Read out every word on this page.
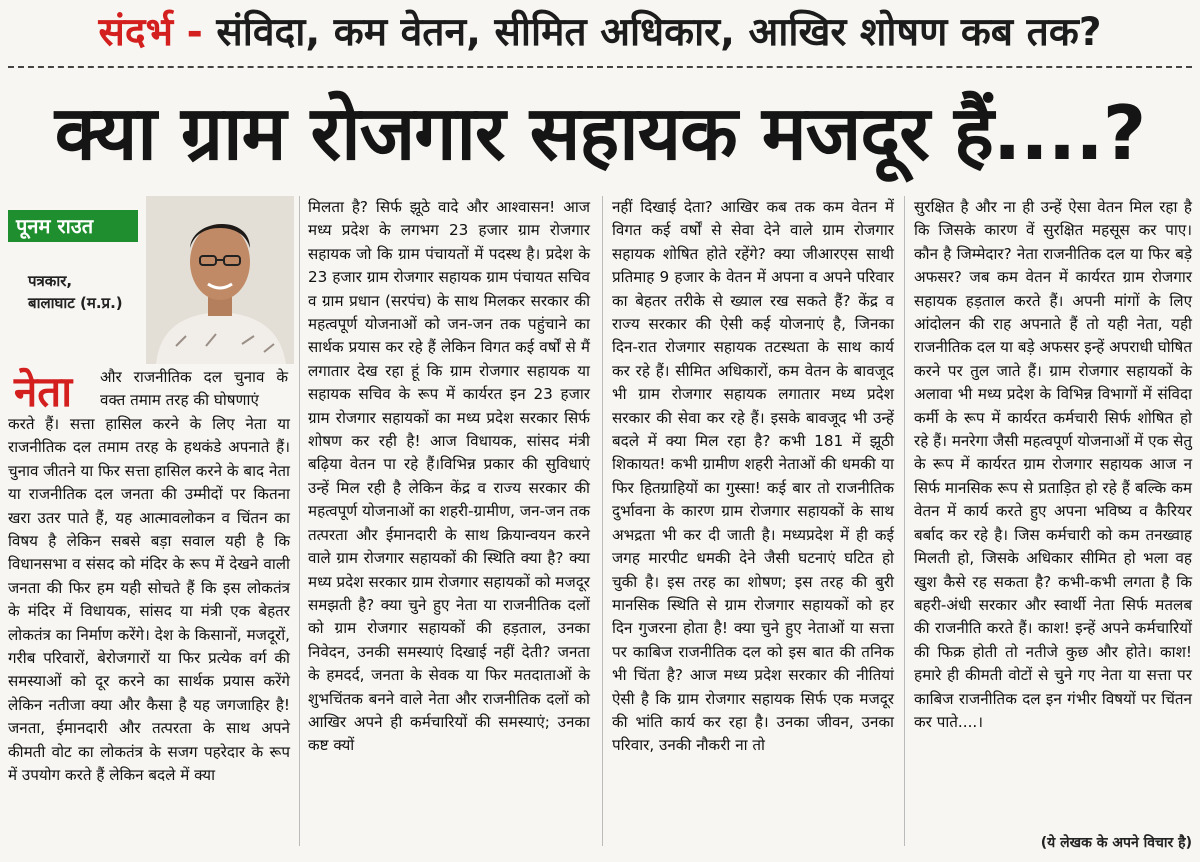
संदर्भ - संविदा, कम वेतन, सीमित अधिकार, आखिर शोषण कब तक?
क्या ग्राम रोजगार सहायक मजदूर हैं....?
पूनम राउत
पत्रकार,
बालाघाट (म.प्र.)
नेता और राजनीतिक दल चुनाव के वक्त तमाम तरह की घोषणाएं

करते हैं। सत्ता हासिल करने के लिए नेता या राजनीतिक दल तमाम तरह के हथकंडे अपनाते हैं। चुनाव जीतने या फिर सत्ता हासिल करने के बाद नेता या राजनीतिक दल जनता की उम्मीदों पर कितना खरा उतर पाते हैं, यह आत्मावलोकन व चिंतन का विषय है लेकिन सबसे बड़ा सवाल यही है कि विधानसभा व संसद को मंदिर के रूप में देखने वाली जनता की फिर हम यही सोचते हैं कि इस लोकतंत्र के मंदिर में विधायक, सांसद या मंत्री एक बेहतर लोकतंत्र का निर्माण करेंगे। देश के किसानों, मजदूरों, गरीब परिवारों, बेरोजगारों या फिर प्रत्येक वर्ग की समस्याओं को दूर करने का सार्थक प्रयास करेंगे लेकिन नतीजा क्या और कैसा है यह जगजाहिर है! जनता, ईमानदारी और तत्परता के साथ अपने कीमती वोट का लोकतंत्र के सजग पहरेदार के रूप में उपयोग करते हैं लेकिन बदले में क्या

मिलता है? सिर्फ झूठे वादे और आश्वासन! आज मध्य प्रदेश के लगभग 23 हजार ग्राम रोजगार सहायक जो कि ग्राम पंचायतों में पदस्थ है। प्रदेश के 23 हजार ग्राम रोजगार सहायक ग्राम पंचायत सचिव व ग्राम प्रधान (सरपंच) के साथ मिलकर सरकार की महत्वपूर्ण योजनाओं को जन-जन तक पहुंचाने का सार्थक प्रयास कर रहे हैं लेकिन विगत कई वर्षों से मैं लगातार देख रहा हूं कि ग्राम रोजगार सहायक या सहायक सचिव के रूप में कार्यरत इन 23 हजार ग्राम रोजगार सहायकों का मध्य प्रदेश सरकार सिर्फ शोषण कर रही है! आज विधायक, सांसद मंत्री बढ़िया वेतन पा रहे हैं।विभिन्न प्रकार की सुविधाएं उन्हें मिल रही है लेकिन केंद्र व राज्य सरकार की महत्वपूर्ण योजनाओं का शहरी-ग्रामीण, जन-जन तक तत्परता और ईमानदारी के साथ क्रियान्वयन करने वाले ग्राम रोजगार सहायकों की स्थिति क्या है? क्या मध्य प्रदेश सरकार ग्राम रोजगार सहायकों को मजदूर समझती है? क्या चुने हुए नेता या राजनीतिक दलों को ग्राम रोजगार सहायकों की हड़ताल, उनका निवेदन, उनकी समस्याएं दिखाई नहीं देती? जनता के हमदर्द, जनता के सेवक या फिर मतदाताओं के शुभचिंतक बनने वाले नेता और राजनीतिक दलों को आखिर अपने ही कर्मचारियों की समस्याएं; उनका कष्ट क्यों

नहीं दिखाई देता? आखिर कब तक कम वेतन में विगत कई वर्षों से सेवा देने वाले ग्राम रोजगार सहायक शोषित होते रहेंगे? क्या जीआरएस साथी प्रतिमाह 9 हजार के वेतन में अपना व अपने परिवार का बेहतर तरीके से ख्याल रख सकते हैं? केंद्र व राज्य सरकार की ऐसी कई योजनाएं है, जिनका दिन-रात रोजगार सहायक तटस्थता के साथ कार्य कर रहे हैं। सीमित अधिकारों, कम वेतन के बावजूद भी ग्राम रोजगार सहायक लगातार मध्य प्रदेश सरकार की सेवा कर रहे हैं। इसके बावजूद भी उन्हें बदले में क्या मिल रहा है? कभी 181 में झूठी शिकायत! कभी ग्रामीण शहरी नेताओं की धमकी या फिर हितग्राहियों का गुस्सा! कई बार तो राजनीतिक दुर्भावना के कारण ग्राम रोजगार सहायकों के साथ अभद्रता भी कर दी जाती है। मध्यप्रदेश में ही कई जगह मारपीट धमकी देने जैसी घटनाएं घटित हो चुकी है। इस तरह का शोषण; इस तरह की बुरी मानसिक स्थिति से ग्राम रोजगार सहायकों को हर दिन गुजरना होता है! क्या चुने हुए नेताओं या सत्ता पर काबिज राजनीतिक दल को इस बात की तनिक भी चिंता है? आज मध्य प्रदेश सरकार की नीतियां ऐसी है कि ग्राम रोजगार सहायक सिर्फ एक मजदूर की भांति कार्य कर रहा है। उनका जीवन, उनका परिवार, उनकी नौकरी ना तो

सुरक्षित है और ना ही उन्हें ऐसा वेतन मिल रहा है कि जिसके कारण वें सुरक्षित महसूस कर पाए। कौन है जिम्मेदार? नेता राजनीतिक दल या फिर बड़े अफसर? जब कम वेतन में कार्यरत ग्राम रोजगार सहायक हड़ताल करते हैं। अपनी मांगों के लिए आंदोलन की राह अपनाते हैं तो यही नेता, यही राजनीतिक दल या बड़े अफसर इन्हें अपराधी घोषित करने पर तुल जाते हैं। ग्राम रोजगार सहायकों के अलावा भी मध्य प्रदेश के विभिन्न विभागों में संविदा कर्मी के रूप में कार्यरत कर्मचारी सिर्फ शोषित हो रहे हैं। मनरेगा जैसी महत्वपूर्ण योजनाओं में एक सेतु के रूप में कार्यरत ग्राम रोजगार सहायक आज न सिर्फ मानसिक रूप से प्रताड़ित हो रहे हैं बल्कि कम वेतन में कार्य करते हुए अपना भविष्य व कैरियर बर्बाद कर रहे है। जिस कर्मचारी को कम तनख्वाह मिलती हो, जिसके अधिकार सीमित हो भला वह खुश कैसे रह सकता है? कभी-कभी लगता है कि बहरी-अंधी सरकार और स्वार्थी नेता सिर्फ मतलब की राजनीति करते हैं। काश! इन्हें अपने कर्मचारियों की फिक्र होती तो नतीजे कुछ और होते। काश! हमारे ही कीमती वोटों से चुने गए नेता या सत्ता पर काबिज राजनीतिक दल इन गंभीर विषयों पर चिंतन कर पाते....।

(ये लेखक के अपने विचार है)
